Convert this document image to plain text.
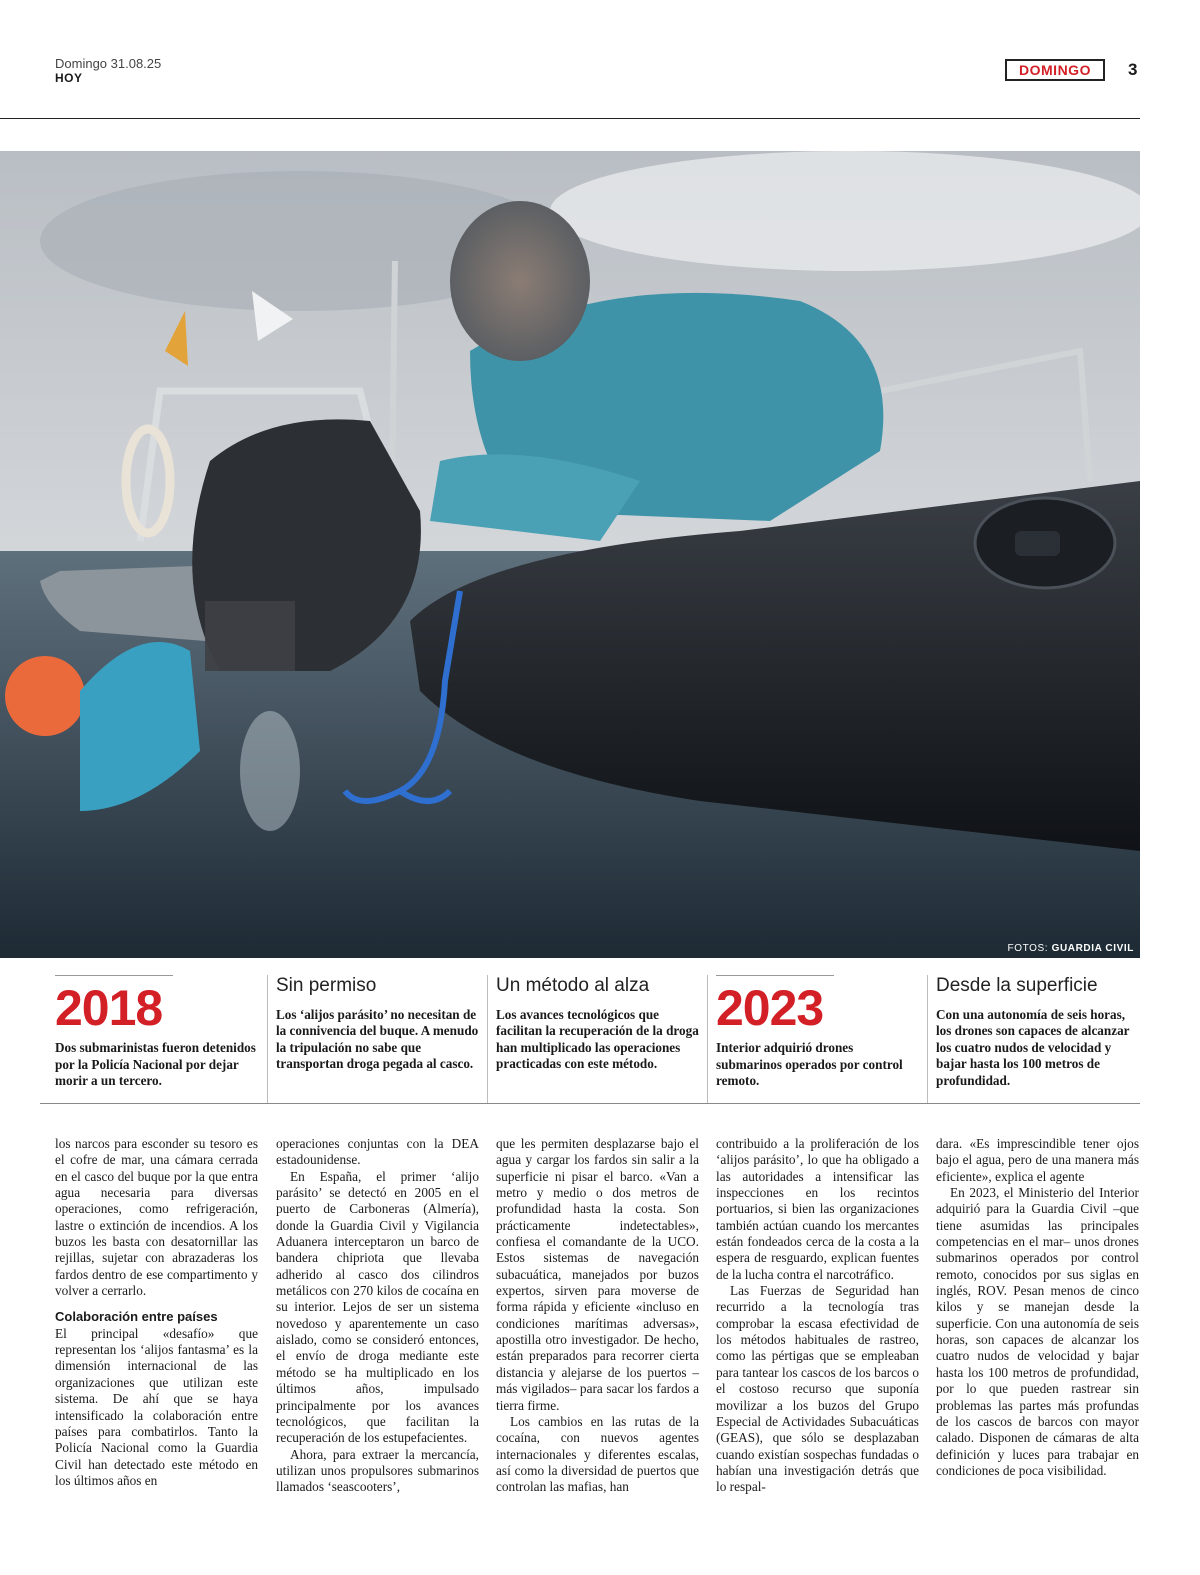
Domingo 31.08.25
HOY	DOMINGO	3
FOTOS: GUARDIA CIVIL
2018
Dos submarinistas fueron detenidos por la Policía Nacional por dejar morir a un tercero.
Sin permiso
Los ‘alijos parásito’ no necesitan de la connivencia del buque. A menudo la tripulación no sabe que transportan droga pegada al casco.
Un método al alza
Los avances tecnológicos que facilitan la recuperación de la droga han multiplicado las operaciones practicadas con este método.
2023
Interior adquirió drones submarinos operados por control remoto.
Desde la superficie
Con una autonomía de seis horas, los drones son capaces de alcanzar los cuatro nudos de velocidad y bajar hasta los 100 metros de profundidad.

los narcos para esconder su tesoro es el cofre de mar, una cámara cerrada en el casco del buque por la que entra agua necesaria para diversas operaciones, como refrigeración, lastre o extinción de incendios. A los buzos les basta con desatornillar las rejillas, sujetar con abrazaderas los fardos dentro de ese compartimento y volver a cerrarlo.

Colaboración entre países

El principal «desafío» que representan los ‘alijos fantasma’ es la dimensión internacional de las organizaciones que utilizan este sistema. De ahí que se haya intensificado la colaboración entre países para combatirlos. Tanto la Policía Nacional como la Guardia Civil han detectado este método en los últimos años en

operaciones conjuntas con la DEA estadounidense.

En España, el primer ‘alijo parásito’ se detectó en 2005 en el puerto de Carboneras (Almería), donde la Guardia Civil y Vigilancia Aduanera interceptaron un barco de bandera chipriota que llevaba adherido al casco dos cilindros metálicos con 270 kilos de cocaína en su interior. Lejos de ser un sistema novedoso y aparentemente un caso aislado, como se consideró entonces, el envío de droga mediante este método se ha multiplicado en los últimos años, impulsado principalmente por los avances tecnológicos, que facilitan la recuperación de los estupefacientes.

Ahora, para extraer la mercancía, utilizan unos propulsores submarinos llamados ‘seascooters’,

que les permiten desplazarse bajo el agua y cargar los fardos sin salir a la superficie ni pisar el barco. «Van a metro y medio o dos metros de profundidad hasta la costa. Son prácticamente indetectables», confiesa el comandante de la UCO. Estos sistemas de navegación subacuática, manejados por buzos expertos, sirven para moverse de forma rápida y eficiente «incluso en condiciones marítimas adversas», apostilla otro investigador. De hecho, están preparados para recorrer cierta distancia y alejarse de los puertos –más vigilados– para sacar los fardos a tierra firme.

Los cambios en las rutas de la cocaína, con nuevos agentes internacionales y diferentes escalas, así como la diversidad de puertos que controlan las mafias, han

contribuido a la proliferación de los ‘alijos parásito’, lo que ha obligado a las autoridades a intensificar las inspecciones en los recintos portuarios, si bien las organizaciones también actúan cuando los mercantes están fondeados cerca de la costa a la espera de resguardo, explican fuentes de la lucha contra el narcotráfico.

Las Fuerzas de Seguridad han recurrido a la tecnología tras comprobar la escasa efectividad de los métodos habituales de rastreo, como las pértigas que se empleaban para tantear los cascos de los barcos o el costoso recurso que suponía movilizar a los buzos del Grupo Especial de Actividades Subacuáticas (GEAS), que sólo se desplazaban cuando existían sospechas fundadas o habían una investigación detrás que lo respal-

dara. «Es imprescindible tener ojos bajo el agua, pero de una manera más eficiente», explica el agente

En 2023, el Ministerio del Interior adquirió para la Guardia Civil –que tiene asumidas las principales competencias en el mar– unos drones submarinos operados por control remoto, conocidos por sus siglas en inglés, ROV. Pesan menos de cinco kilos y se manejan desde la superficie. Con una autonomía de seis horas, son capaces de alcanzar los cuatro nudos de velocidad y bajar hasta los 100 metros de profundidad, por lo que pueden rastrear sin problemas las partes más profundas de los cascos de barcos con mayor calado. Disponen de cámaras de alta definición y luces para trabajar en condiciones de poca visibilidad.
